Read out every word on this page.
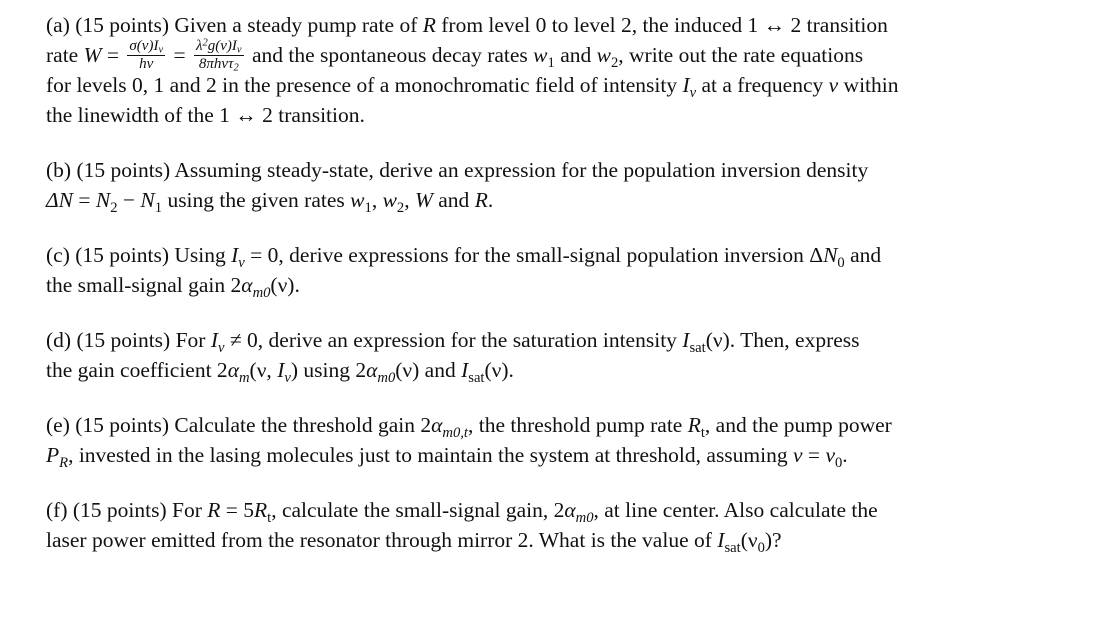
(a) (15 points) Given a steady pump rate of R from level 0 to level 2, the induced 1 ↔ 2 transition
rate $W = \frac{\sigma(\nu)I_\nu}{h\nu} = \frac{\lambda^2g(\nu)I_\nu}{8\pi h\nu\tau_2}$ and the spontaneous decay rates $w_1$ and $w_2$, write out the rate equations
for levels 0, 1 and 2 in the presence of a monochromatic field of intensity $I_\nu$ at a frequency ν within
the linewidth of the 1 ↔ 2 transition.
(b) (15 points) Assuming steady-state, derive an expression for the population inversion density
$\Delta N = N_2 - N_1$ using the given rates $w_1$, $w_2$, W and R.
(c) (15 points) Using $I_\nu = 0$, derive expressions for the small-signal population inversion $\Delta N_0$ and
the small-signal gain $2\alpha_{m0}(\nu)$.
(d) (15 points) For $I_\nu \ne 0$, derive an expression for the saturation intensity $I_{sat}(\nu)$. Then, express
the gain coefficient $2\alpha_m(\nu$, $I_\nu$) using $2\alpha_{m0}(\nu)$ and $I_{sat}(\nu)$.
(e) (15 points) Calculate the threshold gain $2\alpha_{m0,t}$, the threshold pump rate $R_t$, and the pump power
$P_R$, invested in the lasing molecules just to maintain the system at threshold, assuming $\nu = \nu_0$.
(f) (15 points) For $R = 5R_t$, calculate the small-signal gain, $2\alpha_{m0}$, at line center. Also calculate the
laser power emitted from the resonator through mirror 2. What is the value of $I_{sat}(\nu_0)$?
